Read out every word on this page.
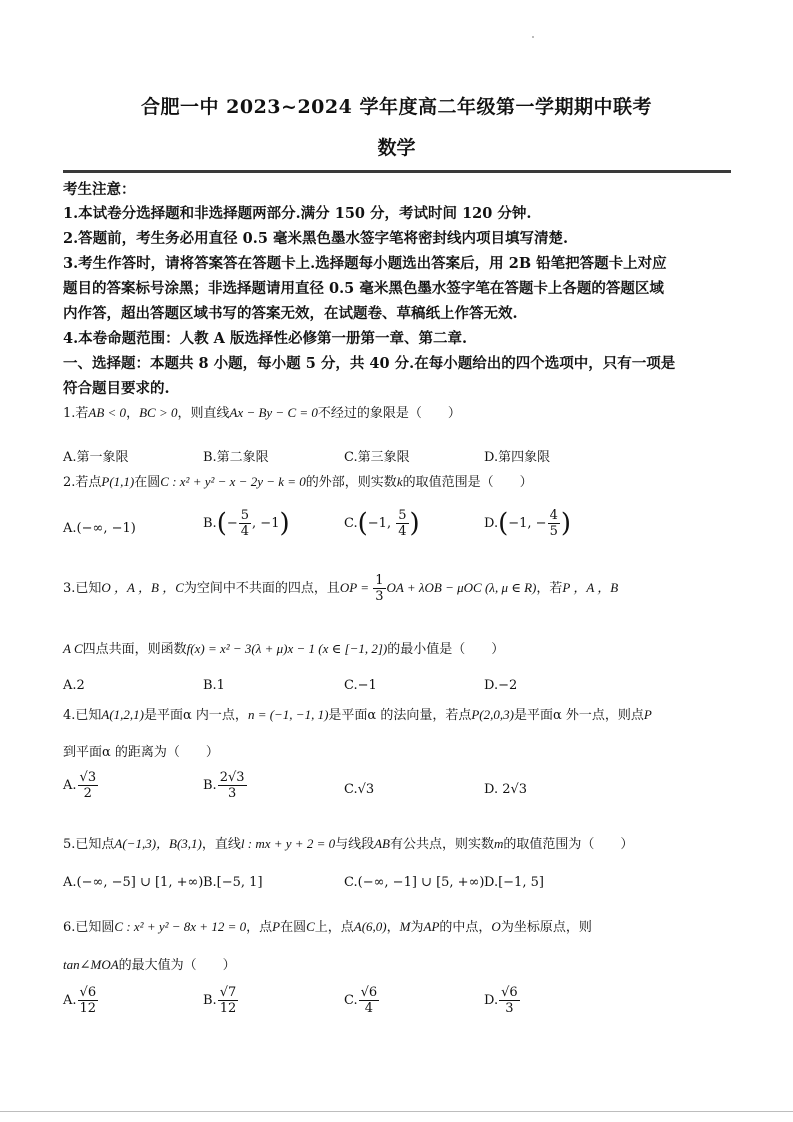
合肥一中 2023~2024 学年度高二年级第一学期期中联考
数学
考生注意：
1.本试卷分选择题和非选择题两部分.满分 150 分，考试时间 120 分钟.
2.答题前，考生务必用直径 0.5 毫米黑色墨水签字笔将密封线内项目填写清楚.
3.考生作答时，请将答案答在答题卡上.选择题每小题选出答案后，用 2B 铅笔把答题卡上对应
题目的答案标号涂黑；非选择题请用直径 0.5 毫米黑色墨水签字笔在答题卡上各题的答题区域
内作答，超出答题区域书写的答案无效，在试题卷、草稿纸上作答无效.
4.本卷命题范围：人教 A 版选择性必修第一册第一章、第二章.
一、选择题：本题共 8 小题，每小题 5 分，共 40 分.在每小题给出的四个选项中，只有一项是
符合题目要求的.
1.若AB < 0，BC > 0，则直线Ax − By − C = 0不经过的象限是（　　）
A.第一象限	B.第二象限	C.第三象限	D.第四象限
2.若点P(1,1)在圆C : x² + y² − x − 2y − k = 0的外部，则实数k的取值范围是（　　）
A.(−∞, −1)	$B.(- \frac{5}{4}$ , −1)	C.(−1, $\frac{5}{4}$ )	D.(−1, − $\frac{4}{5}$ )
3.已知O ，A ，B ，C为空间中不共面的四点，且OP = $\frac{1}{3}$ OA + λOB − μOC (λ, μ ∈ R)，若P ，A ，B
A C四点共面，则函数f(x) = x² − 3(λ + μ)x − 1 (x ∈ [−1, 2])的最小值是（　　）
A.2	B.1	C.−1	D.−2
4.已知A(1,2,1)是平面α 内一点，n = (−1, −1, 1)是平面α 的法向量，若点P(2,0,3)是平面α 外一点，则点P
到平面α 的距离为（　　）
A. $\frac{√3}{2}$	B. $\frac{2√3}{3}$	C.√3	D. 2√3
5.已知点A(−1,3)，B(3,1)，直线l : mx + y + 2 = 0与线段AB有公共点，则实数m的取值范围为（　　）
A.(−∞, −5] ∪ [1, +∞) B.[−5, 1]	C.(−∞, −1] ∪ [5, +∞) D.[−1, 5]
6.已知圆C : x² + y² − 8x + 12 = 0，点P在圆C上，点A(6,0)，M为AP的中点，O为坐标原点，则
tan∠MOA的最大值为（　　）
A. $\frac{√6}{12}$	B. $\frac{√7}{12}$	C. $\frac{√6}{4}$	D. $\frac{√6}{3}$
